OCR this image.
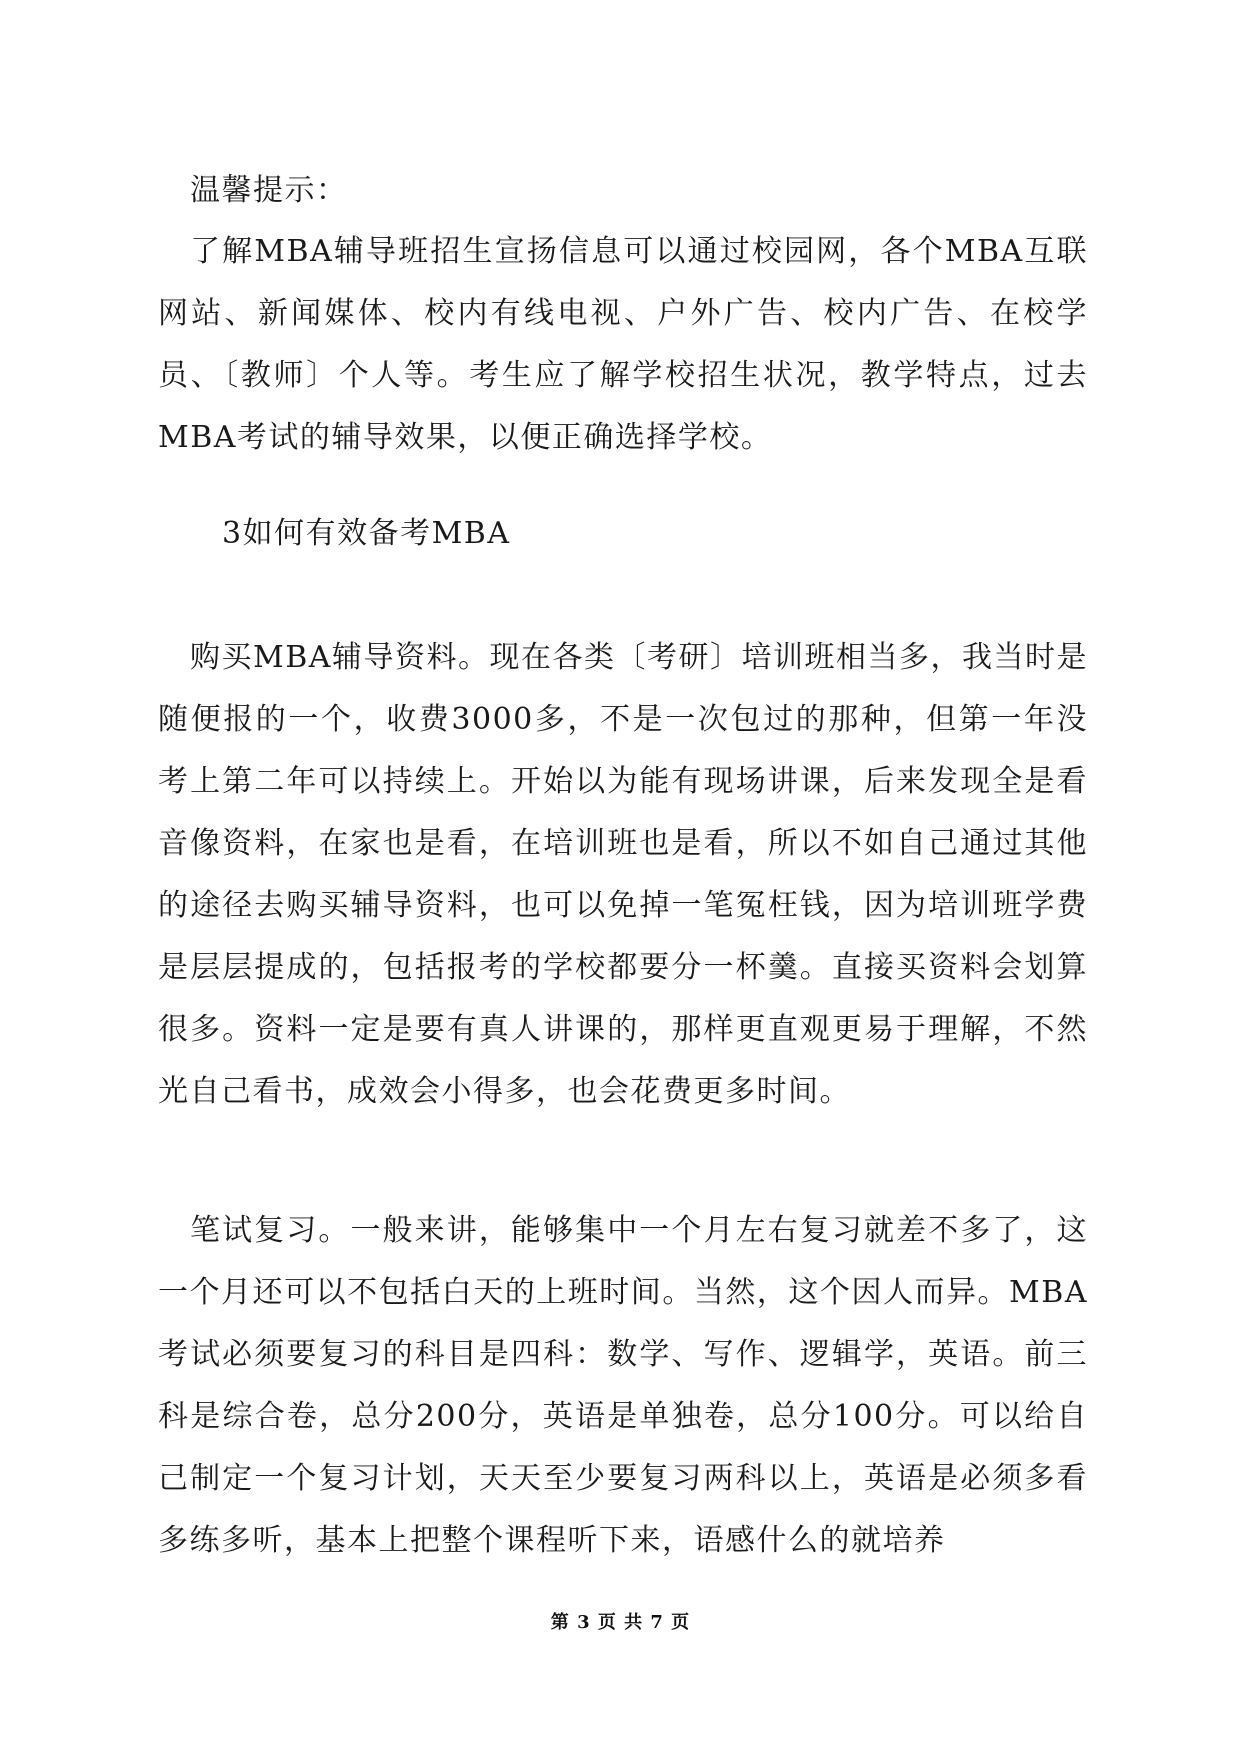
温馨提示：
了解MBA辅导班招生宣扬信息可以通过校园网，各个MBA互联网站、新闻媒体、校内有线电视、户外广告、校内广告、在校学员、〔教师〕个人等。考生应了解学校招生状况，教学特点，过去MBA考试的辅导效果，以便正确选择学校。
3如何有效备考MBA
购买MBA辅导资料。现在各类〔考研〕培训班相当多，我当时是随便报的一个，收费3000多，不是一次包过的那种，但第一年没考上第二年可以持续上。开始以为能有现场讲课，后来发现全是看音像资料，在家也是看，在培训班也是看，所以不如自己通过其他的途径去购买辅导资料，也可以免掉一笔冤枉钱，因为培训班学费是层层提成的，包括报考的学校都要分一杯羹。直接买资料会划算很多。资料一定是要有真人讲课的，那样更直观更易于理解，不然光自己看书，成效会小得多，也会花费更多时间。
笔试复习。一般来讲，能够集中一个月左右复习就差不多了，这一个月还可以不包括白天的上班时间。当然，这个因人而异。MBA考试必须要复习的科目是四科：数学、写作、逻辑学，英语。前三科是综合卷，总分200分，英语是单独卷，总分100分。可以给自己制定一个复习计划，天天至少要复习两科以上，英语是必须多看多练多听，基本上把整个课程听下来，语感什么的就培养
第 3 页 共 7 页
